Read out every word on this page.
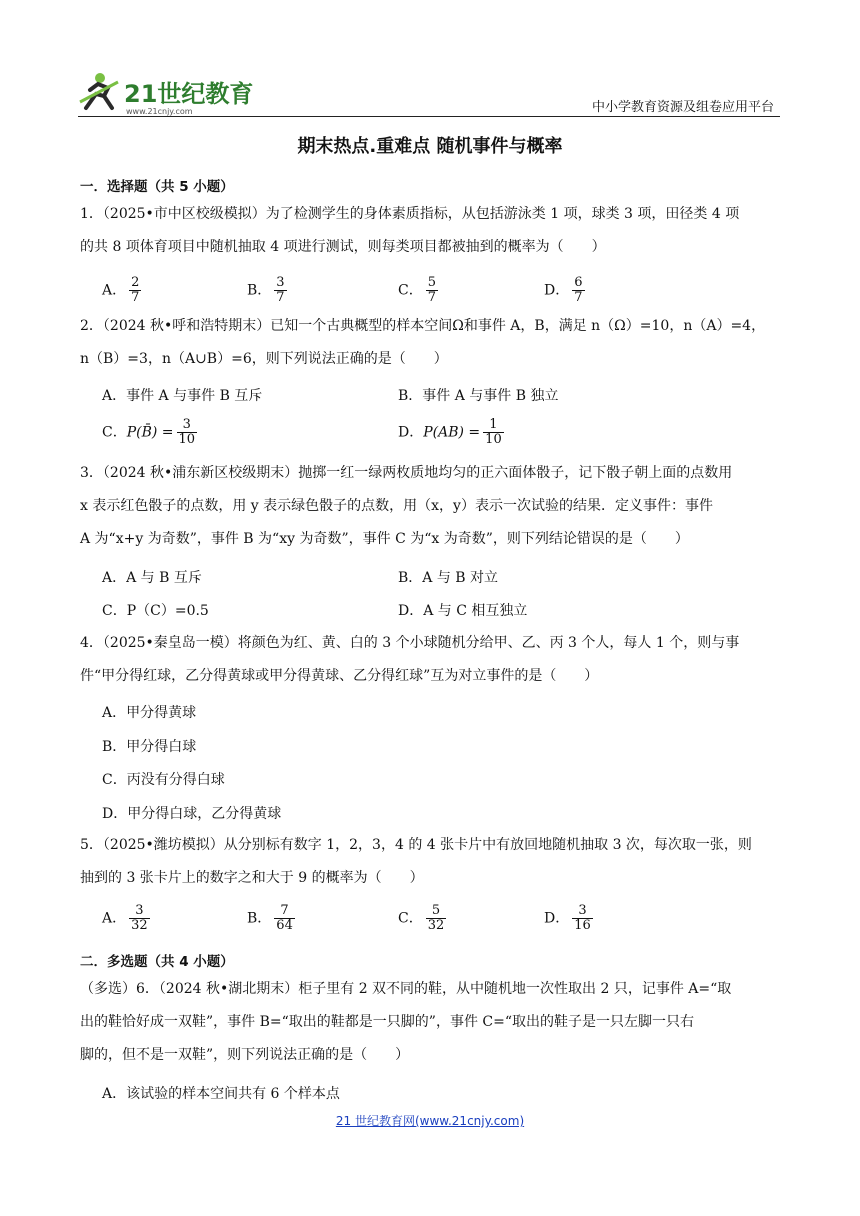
21世纪教育
www.21cnjy.com	中小学教育资源及组卷应用平台
期末热点.重难点 随机事件与概率
一．选择题（共 5 小题）
1．（2025•市中区校级模拟）为了检测学生的身体素质指标，从包括游泳类 1 项，球类 3 项，田径类 4 项
的共 8 项体育项目中随机抽取 4 项进行测试，则每类项目都被抽到的概率为（　　）
A． $\frac{2}{7}$	B． $\frac{3}{7}$	C． $\frac{5}{7}$	D． $\frac{6}{7}$
2．（2024 秋•呼和浩特期末）已知一个古典概型的样本空间Ω和事件 A，B，满足 n（Ω）=10，n（A）=4，
n（B）=3，n（A∪B）=6，则下列说法正确的是（　　）
A．事件 A 与事件 B 互斥	B．事件 A 与事件 B 独立
C．P(B̄) = $\frac{3}{10}$	D．$P(AB) = \frac{1}{10}$
3．（2024 秋•浦东新区校级期末）抛掷一红一绿两枚质地均匀的正六面体骰子，记下骰子朝上面的点数用
x 表示红色骰子的点数，用 y 表示绿色骰子的点数，用（x，y）表示一次试验的结果．定义事件：事件
A 为“x+y 为奇数”，事件 B 为“xy 为奇数”，事件 C 为“x 为奇数”，则下列结论错误的是（　　）
A．A 与 B 互斥	B．A 与 B 对立
C．P（C）=0.5	D．A 与 C 相互独立
4．（2025•秦皇岛一模）将颜色为红、黄、白的 3 个小球随机分给甲、乙、丙 3 个人，每人 1 个，则与事
件“甲分得红球，乙分得黄球或甲分得黄球、乙分得红球”互为对立事件的是（　　）
A．甲分得黄球
B．甲分得白球
C．丙没有分得白球
D．甲分得白球，乙分得黄球
5．（2025•潍坊模拟）从分别标有数字 1，2，3，4 的 4 张卡片中有放回地随机抽取 3 次，每次取一张，则
抽到的 3 张卡片上的数字之和大于 9 的概率为（　　）
A． $\frac{3}{32}$	B． $\frac{7}{64}$	C． $\frac{5}{32}$	D． $\frac{3}{16}$
二．多选题（共 4 小题）
（多选）6．（2024 秋•湖北期末）柜子里有 2 双不同的鞋，从中随机地一次性取出 2 只，记事件 A=“取
出的鞋恰好成一双鞋”，事件 B=“取出的鞋都是一只脚的”，事件 C=“取出的鞋子是一只左脚一只右
脚的，但不是一双鞋”，则下列说法正确的是（　　）
A．该试验的样本空间共有 6 个样本点
21 世纪教育网(www.21cnjy.com)
